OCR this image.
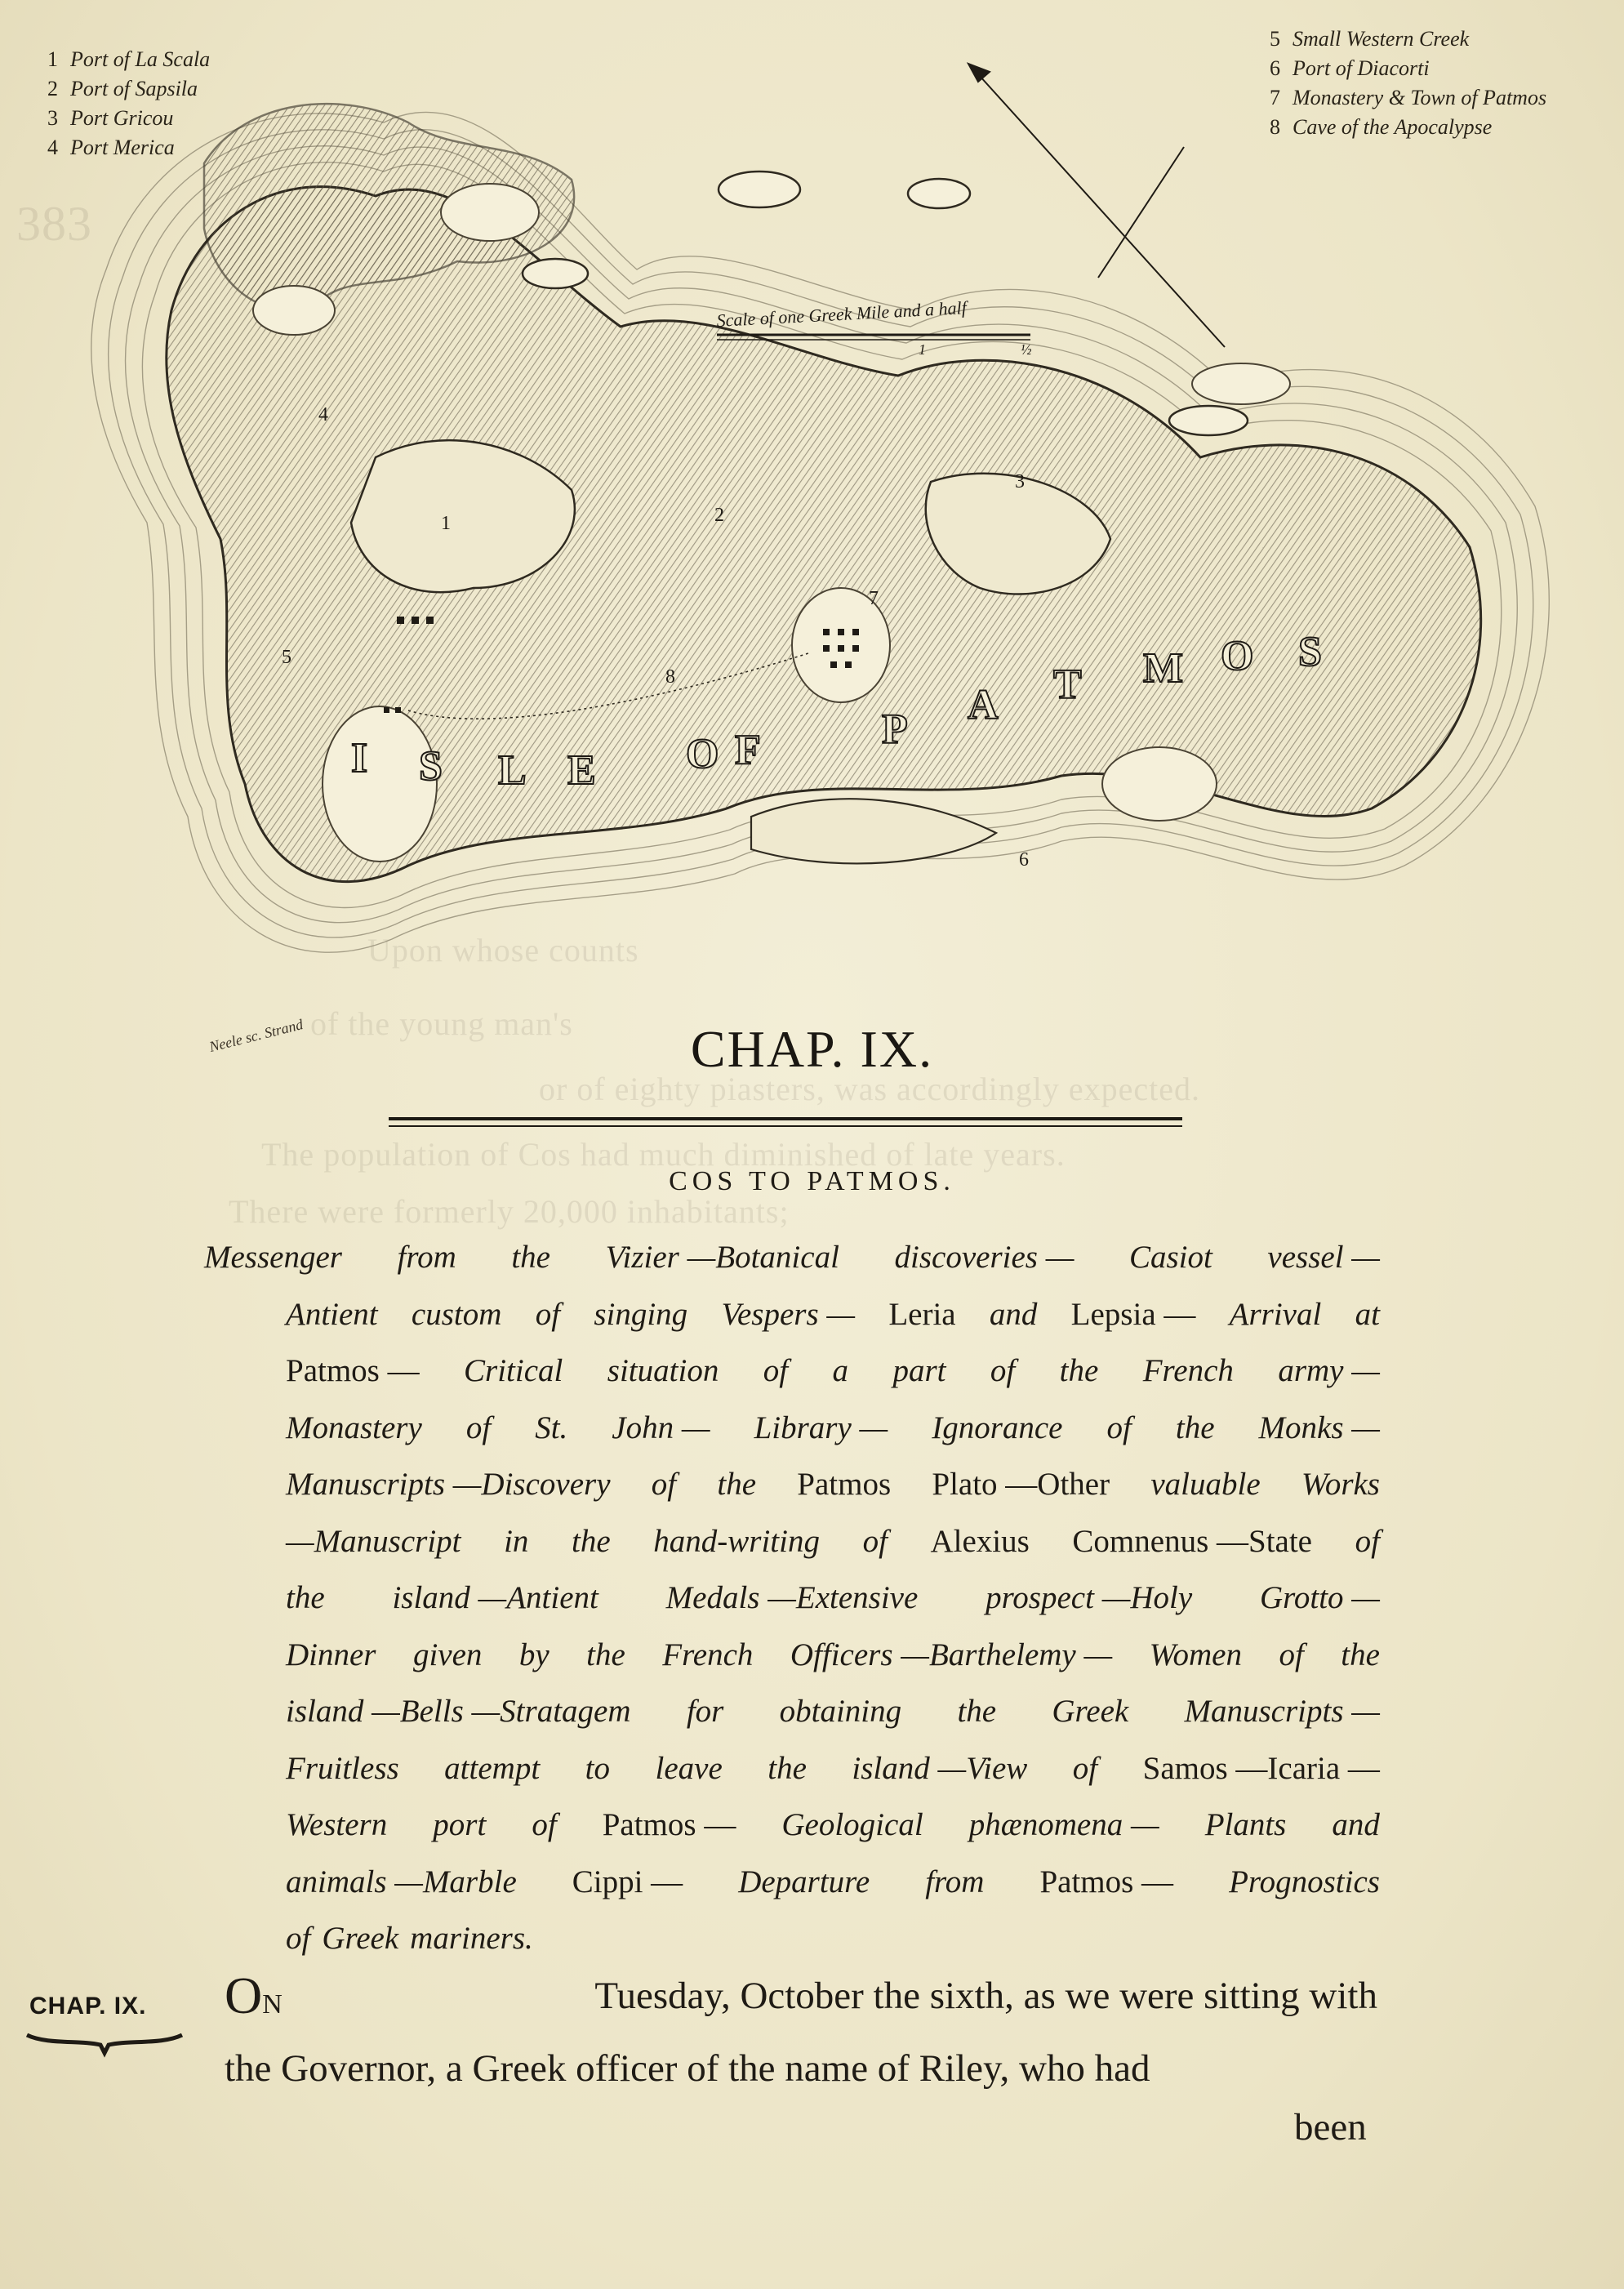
383
Upon whose counts
of the young man's
or of eighty piasters, was accordingly expected.
The population of Cos had much diminished of late years.
There were formerly 20,000 inhabitants;
Scale of one Greek Mile and a half
1	½
I S L E O F	P
A T M O S
1	2
3
4
5
6
7
8
1 Port of La Scala
2 Port of Sapsila
3 Port Gricou
4 Port Merica
5 Small Western Creek
6 Port of Diacorti
7 Monastery & Town of Patmos
8 Cave of the Apocalypse
Neele sc. Strand	CHAP. IX.
COS TO PATMOS.
Messenger from the Vizier —Botanical discoveries — Casiot vessel —
Antient custom of singing Vespers — Leria and Lepsia — Arrival at
Patmos — Critical situation of a part of the French army —
Monastery of St. John — Library — Ignorance of the Monks —
Manuscripts —Discovery of the Patmos Plato —Other valuable Works
—Manuscript in the hand-writing of Alexius Comnenus —State of
the island —Antient Medals —Extensive prospect —Holy Grotto —
Dinner given by the French Officers —Barthelemy — Women of the
island —Bells —Stratagem for obtaining the Greek Manuscripts —
Fruitless attempt to leave the island —View of Samos —Icaria —
Western port of Patmos — Geological phænomena — Plants and
animals —Marble Cippi — Departure from Patmos — Prognostics
of Greek mariners.
CHAP. IX. ON	Tuesday, October the sixth, as we were sitting with
the Governor, a Greek officer of the name of Riley, who had
been
